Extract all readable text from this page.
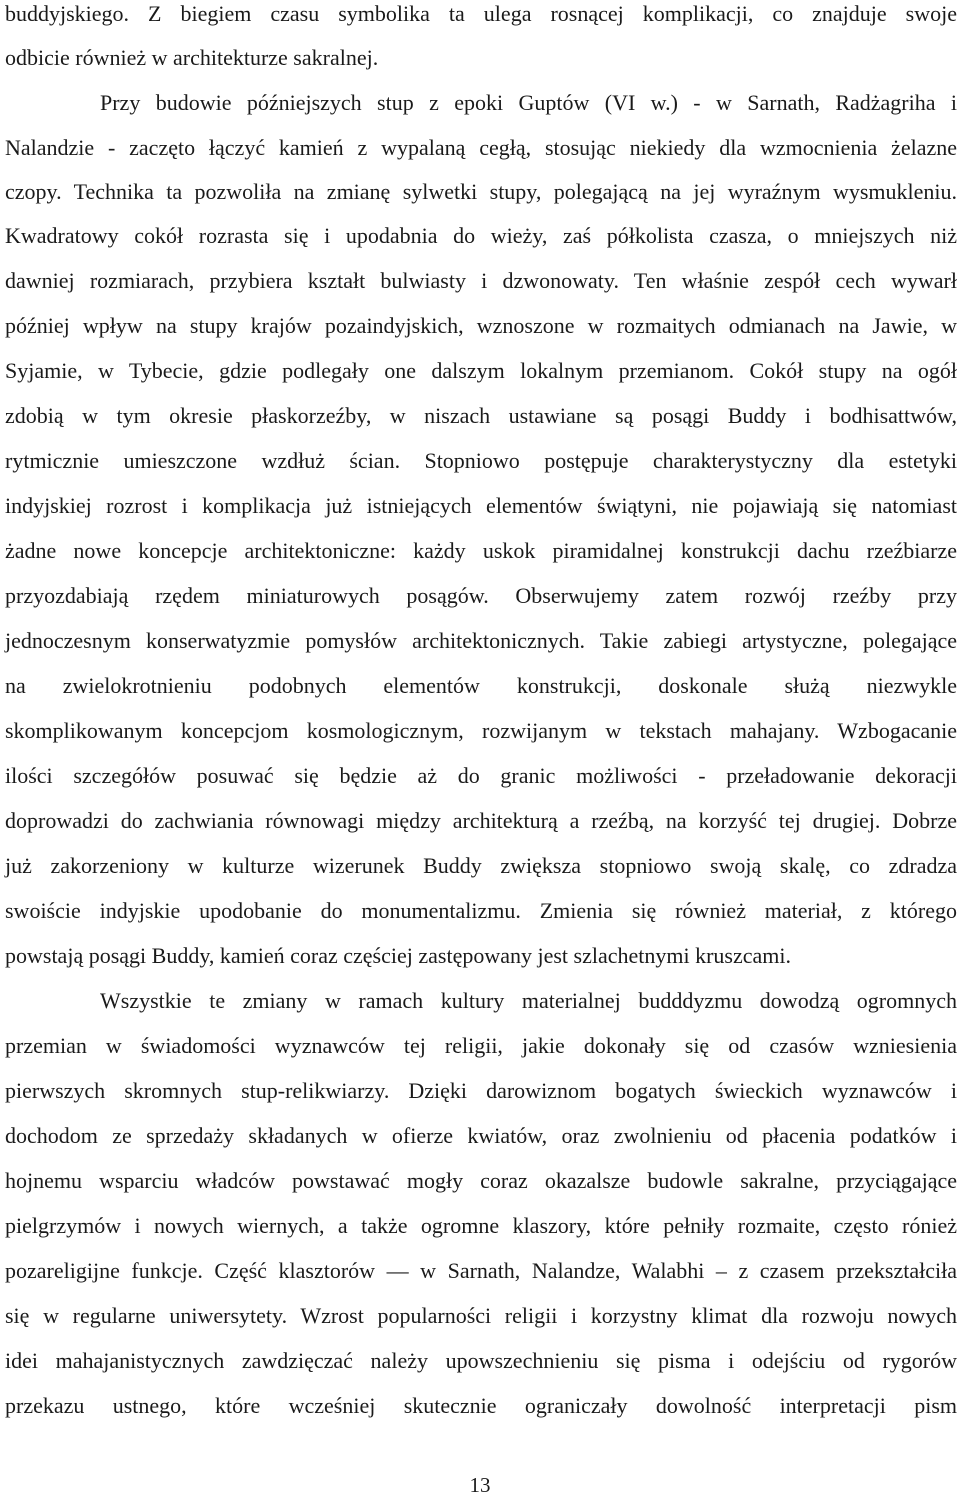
buddyjskiego. Z biegiem czasu symbolika ta ulega rosnącej komplikacji, co znajduje swoje
odbicie również w architekturze sakralnej.
Przy budowie późniejszych stup z epoki Guptów (VI w.) - w Sarnath, Radżagriha i
Nalandzie - zaczęto łączyć kamień z wypalaną cegłą, stosując niekiedy dla wzmocnienia żelazne
czopy. Technika ta pozwoliła na zmianę sylwetki stupy, polegającą na jej wyraźnym wysmukleniu.
Kwadratowy cokół rozrasta się i upodabnia do wieży, zaś półkolista czasza, o mniejszych niż
dawniej rozmiarach, przybiera kształt bulwiasty i dzwonowaty. Ten właśnie zespół cech wywarł
później wpływ na stupy krajów pozaindyjskich, wznoszone w rozmaitych odmianach na Jawie, w
Syjamie, w Tybecie, gdzie podlegały one dalszym lokalnym przemianom. Cokół stupy na ogół
zdobią w tym okresie płaskorzeźby, w niszach ustawiane są posągi Buddy i bodhisattwów,
rytmicznie umieszczone wzdłuż ścian. Stopniowo postępuje charakterystyczny dla estetyki
indyjskiej rozrost i komplikacja już istniejących elementów świątyni, nie pojawiają się natomiast
żadne nowe koncepcje architektoniczne: każdy uskok piramidalnej konstrukcji dachu rzeźbiarze
przyozdabiają rzędem miniaturowych posągów. Obserwujemy zatem rozwój rzeźby przy
jednoczesnym konserwatyzmie pomysłów architektonicznych. Takie zabiegi artystyczne, polegające
na zwielokrotnieniu podobnych elementów konstrukcji, doskonale służą niezwykle
skomplikowanym koncepcjom kosmologicznym, rozwijanym w tekstach mahajany. Wzbogacanie
ilości szczegółów posuwać się będzie aż do granic możliwości - przeładowanie dekoracji
doprowadzi do zachwiania równowagi między architekturą a rzeźbą, na korzyść tej drugiej. Dobrze
już zakorzeniony w kulturze wizerunek Buddy zwiększa stopniowo swoją skalę, co zdradza
swoiście indyjskie upodobanie do monumentalizmu. Zmienia się również materiał, z którego
powstają posągi Buddy, kamień coraz częściej zastępowany jest szlachetnymi kruszcami.
Wszystkie te zmiany w ramach kultury materialnej budddyzmu dowodzą ogromnych
przemian w świadomości wyznawców tej religii, jakie dokonały się od czasów wzniesienia
pierwszych skromnych stup-relikwiarzy. Dzięki darowiznom bogatych świeckich wyznawców i
dochodom ze sprzedaży składanych w ofierze kwiatów, oraz zwolnieniu od płacenia podatków i
hojnemu wsparciu władców powstawać mogły coraz okazalsze budowle sakralne, przyciągające
pielgrzymów i nowych wiernych, a także ogromne klaszory, które pełniły rozmaite, często rónież
pozareligijne funkcje. Część klasztorów — w Sarnath, Nalandze, Walabhi – z czasem przekształciła
się w regularne uniwersytety. Wzrost popularności religii i korzystny klimat dla rozwoju nowych
idei mahajanistycznych zawdzięczać należy upowszechnieniu się pisma i odejściu od rygorów
przekazu ustnego, które wcześniej skutecznie ograniczały dowolność interpretacji pism
13
